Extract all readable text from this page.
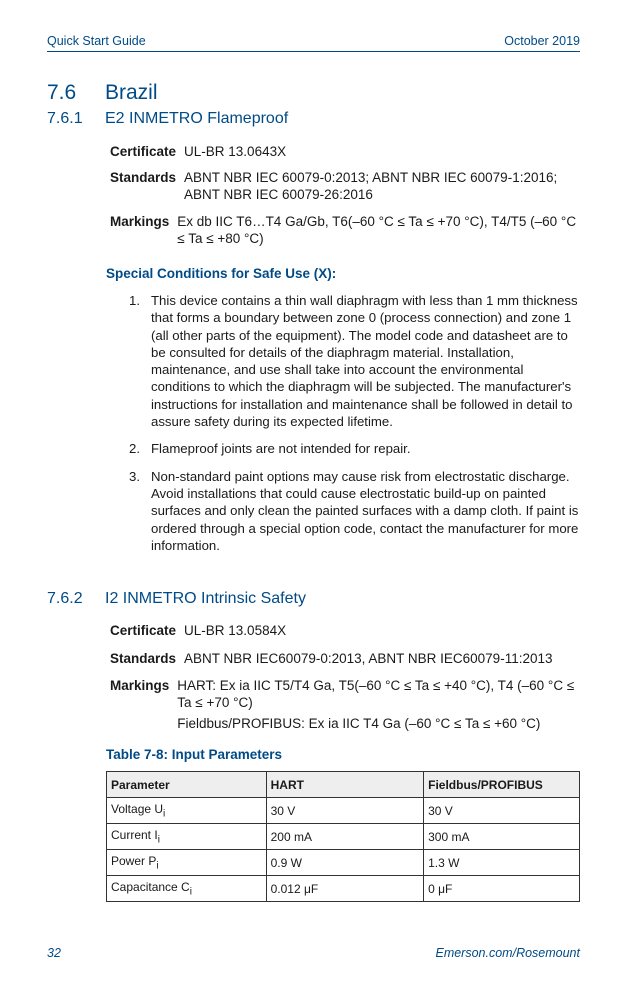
Quick Start Guide	October 2019
7.6	Brazil
7.6.1	E2 INMETRO Flameproof
Certificate UL-BR 13.0643X
Standards ABNT NBR IEC 60079-0:2013; ABNT NBR IEC 60079-1:2016; ABNT NBR IEC 60079-26:2016
Markings Ex db IIC T6…T4 Ga/Gb, T6(–60 °C ≤ Ta ≤ +70 °C), T4/T5 (–60 °C ≤ Ta ≤ +80 °C)
Special Conditions for Safe Use (X):
1. This device contains a thin wall diaphragm with less than 1 mm thickness that forms a boundary between zone 0 (process connection) and zone 1 (all other parts of the equipment). The model code and datasheet are to be consulted for details of the diaphragm material. Installation, maintenance, and use shall take into account the environmental conditions to which the diaphragm will be subjected. The manufacturer's instructions for installation and maintenance shall be followed in detail to assure safety during its expected lifetime.
2. Flameproof joints are not intended for repair.
3. Non-standard paint options may cause risk from electrostatic discharge. Avoid installations that could cause electrostatic build-up on painted surfaces and only clean the painted surfaces with a damp cloth. If paint is ordered through a special option code, contact the manufacturer for more information.
7.6.2	I2 INMETRO Intrinsic Safety
Certificate UL-BR 13.0584X
Standards ABNT NBR IEC60079-0:2013, ABNT NBR IEC60079-11:2013
Markings HART: Ex ia IIC T5/T4 Ga, T5(–60 °C ≤ Ta ≤ +40 °C), T4 (–60 °C ≤ Ta ≤ +70 °C)
Fieldbus/PROFIBUS: Ex ia IIC T4 Ga (–60 °C ≤ Ta ≤ +60 °C)
Table 7-8: Input Parameters
Parameter	HART	Fieldbus/PROFIBUS
Voltage $U_i$	30 V	30 V
Current $I_i$	200 mA	300 mA
Power $P_i$	0.9 W	1.3 W
Capacitance $C_i$	0.012 μF	0 μF
32	Emerson.com/Rosemount
